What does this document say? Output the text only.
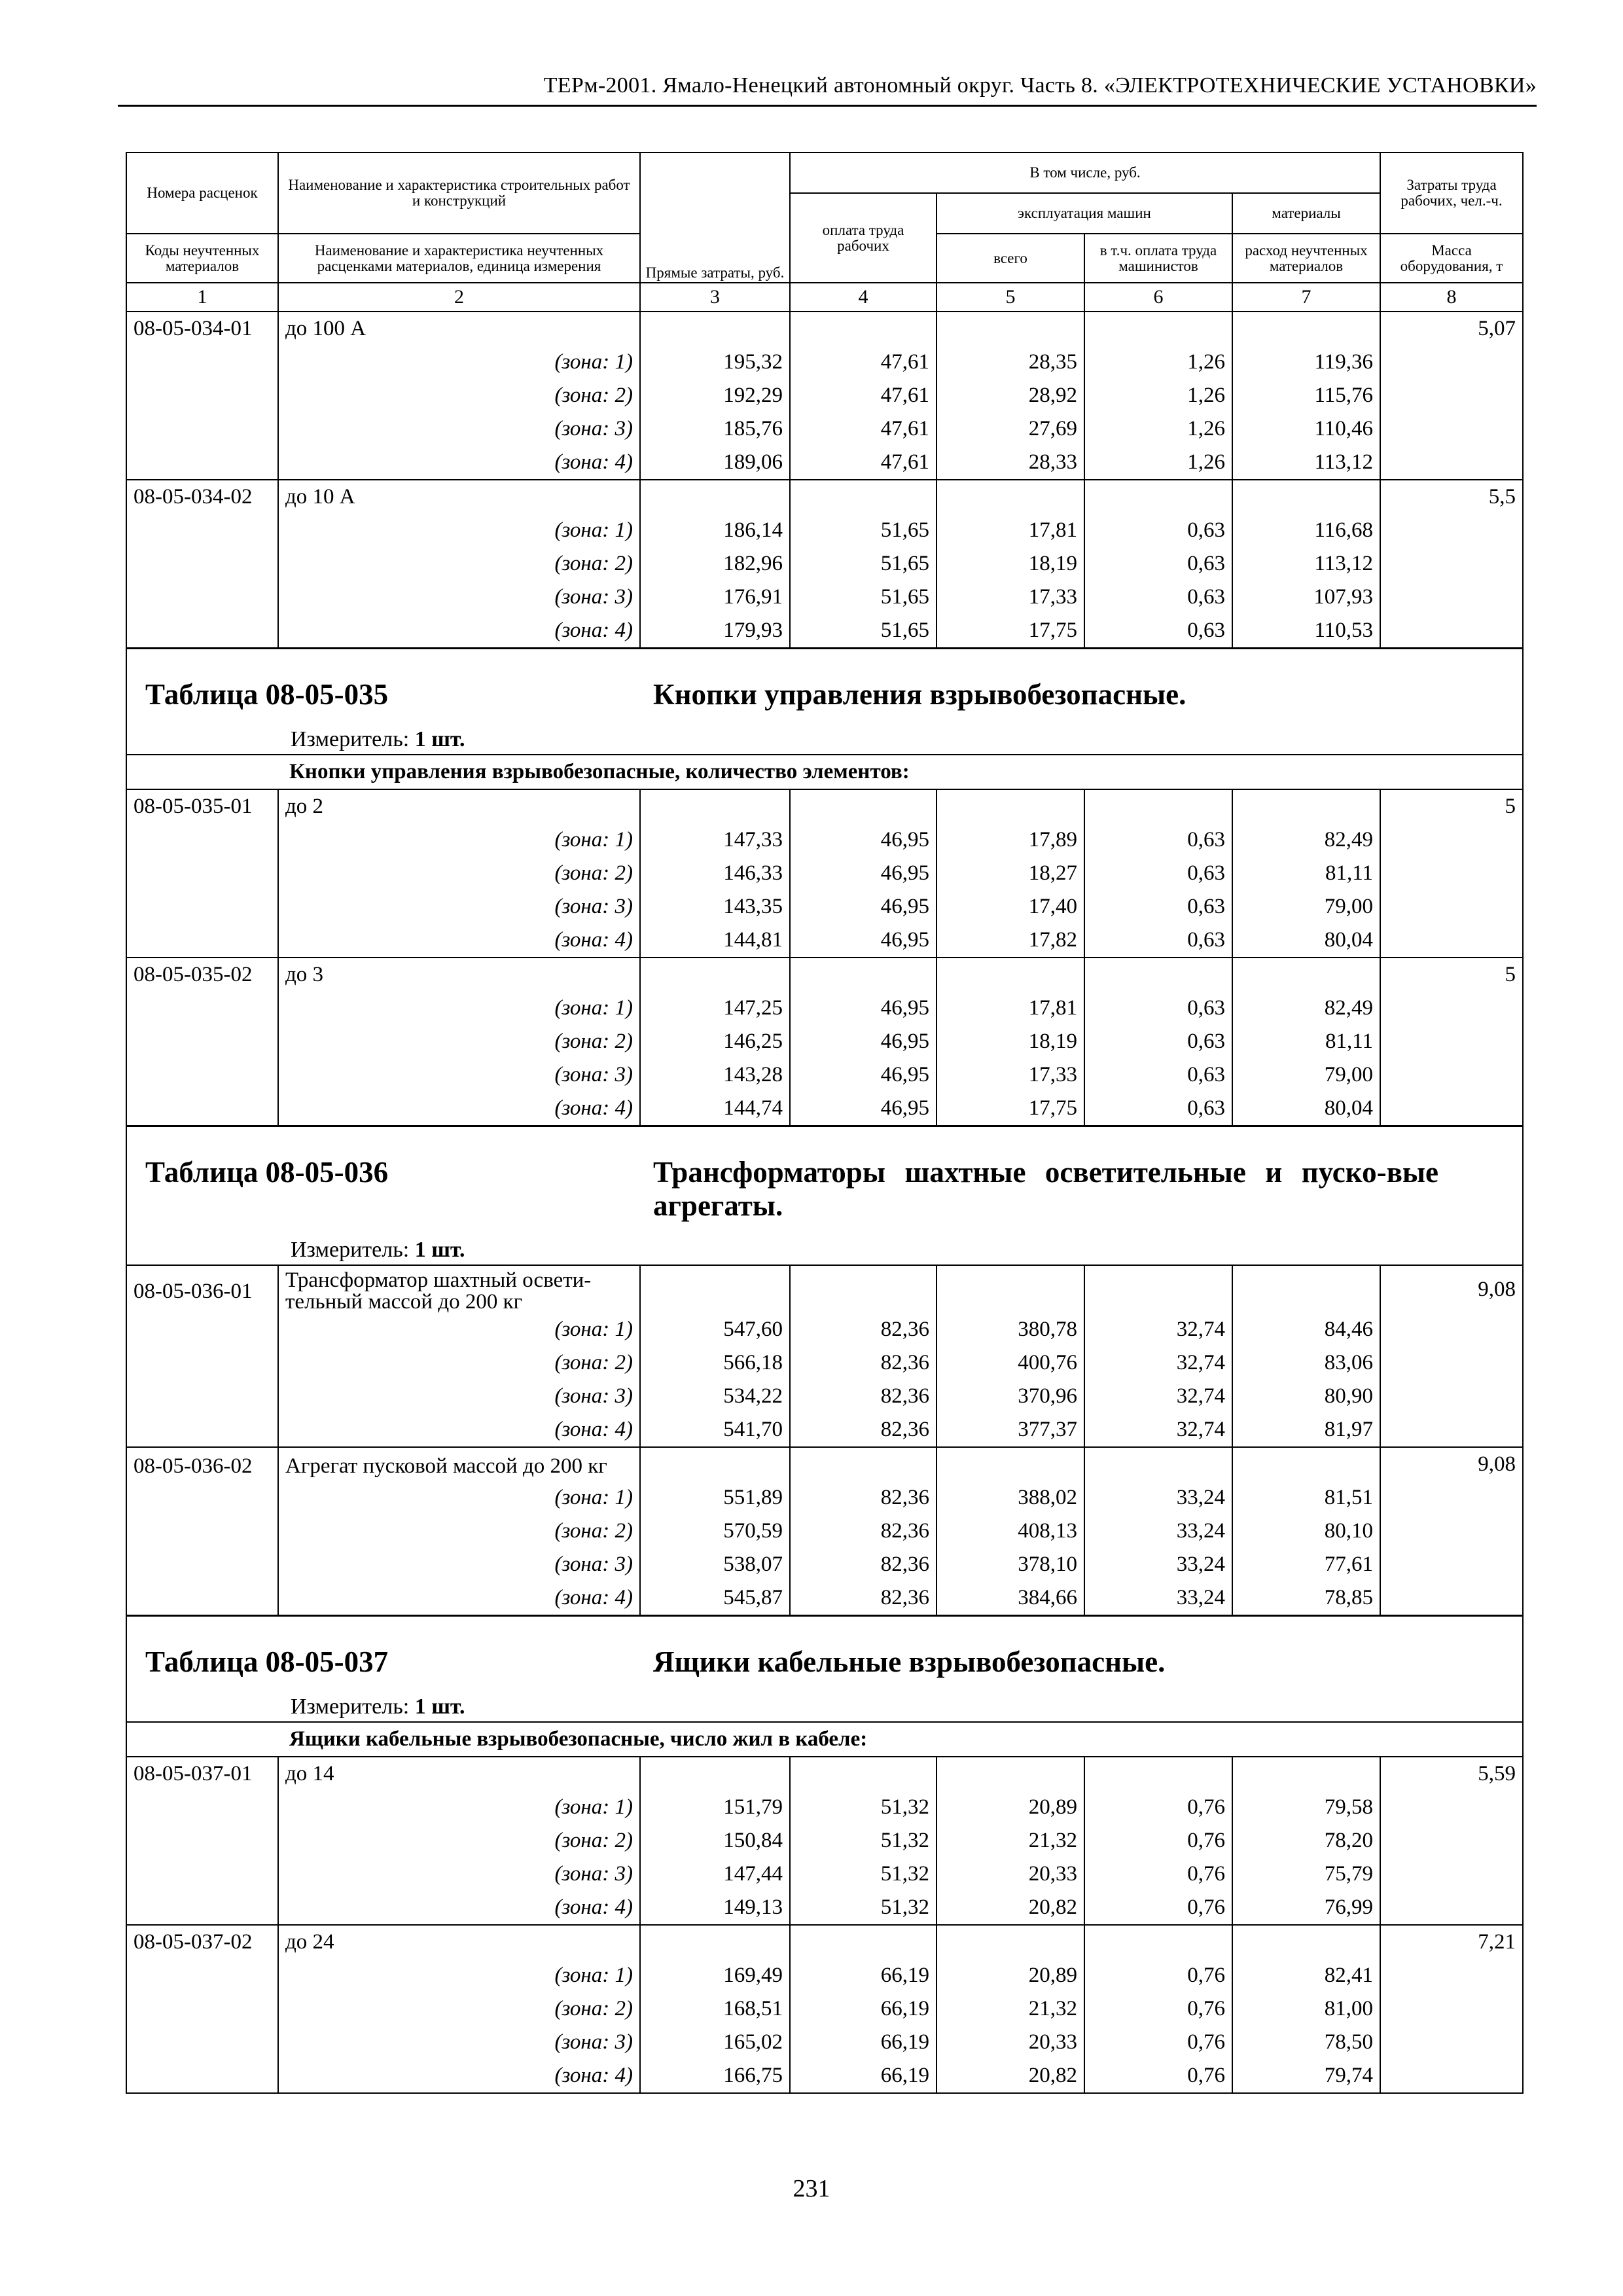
ТЕРм-2001. Ямало-Ненецкий автономный округ. Часть 8. «ЭЛЕКТРОТЕХНИЧЕСКИЕ УСТАНОВКИ»
Номера расценок	Наименование и характеристика строительных работ и конструкций	Прямые затраты, руб.	В том числе, руб.				Затраты труда рабочих, чел.-ч.
			оплата труда рабочих	эксплуатация машин		материалы	
Коды неучтенных материалов	Наименование и характеристика неучтенных расценками материалов, единица измерения			всего	в т.ч. оплата труда машинистов	расход неучтенных материалов	Масса оборудования, т
1	2	3	4	5	6	7	8
08-05-034-01	до 100 А						5,07
	(зона: 1)	195,32	47,61	28,35	1,26	119,36	
	(зона: 2)	192,29	47,61	28,92	1,26	115,76	
	(зона: 3)	185,76	47,61	27,69	1,26	110,46	
	(зона: 4)	189,06	47,61	28,33	1,26	113,12	
08-05-034-02	до 10 А						5,5
	(зона: 1)	186,14	51,65	17,81	0,63	116,68	
	(зона: 2)	182,96	51,65	18,19	0,63	113,12	
	(зона: 3)	176,91	51,65	17,33	0,63	107,93	
	(зона: 4)	179,93	51,65	17,75	0,63	110,53	

Таблица 08-05-035 Кнопки управления взрывобезопасные.
Измеритель: 1 шт.							

Кнопки управления взрывобезопасные, количество элементов:							
08-05-035-01	до 2						5
	(зона: 1)	147,33	46,95	17,89	0,63	82,49	
	(зона: 2)	146,33	46,95	18,27	0,63	81,11	
	(зона: 3)	143,35	46,95	17,40	0,63	79,00	
	(зона: 4)	144,81	46,95	17,82	0,63	80,04	
08-05-035-02	до 3						5
	(зона: 1)	147,25	46,95	17,81	0,63	82,49	
	(зона: 2)	146,25	46,95	18,19	0,63	81,11	
	(зона: 3)	143,28	46,95	17,33	0,63	79,00	
	(зона: 4)	144,74	46,95	17,75	0,63	80,04	

Таблица 08-05-036 Трансформаторы шахтные осветительные и пуско-вые агрегаты.
Измеритель: 1 шт.							

08-05-036-01	Трансформатор шахтный освети-тельный массой до 200 кг						9,08
	(зона: 1)	547,60	82,36	380,78	32,74	84,46	
	(зона: 2)	566,18	82,36	400,76	32,74	83,06	
	(зона: 3)	534,22	82,36	370,96	32,74	80,90	
	(зона: 4)	541,70	82,36	377,37	32,74	81,97	
08-05-036-02	Агрегат пусковой массой до 200 кг						9,08
	(зона: 1)	551,89	82,36	388,02	33,24	81,51	
	(зона: 2)	570,59	82,36	408,13	33,24	80,10	
	(зона: 3)	538,07	82,36	378,10	33,24	77,61	
	(зона: 4)	545,87	82,36	384,66	33,24	78,85	

Таблица 08-05-037 Ящики кабельные взрывобезопасные.
Измеритель: 1 шт.							

Ящики кабельные взрывобезопасные, число жил в кабеле:							
08-05-037-01	до 14						5,59
	(зона: 1)	151,79	51,32	20,89	0,76	79,58	
	(зона: 2)	150,84	51,32	21,32	0,76	78,20	
	(зона: 3)	147,44	51,32	20,33	0,76	75,79	
	(зона: 4)	149,13	51,32	20,82	0,76	76,99	
08-05-037-02	до 24						7,21
	(зона: 1)	169,49	66,19	20,89	0,76	82,41	
	(зона: 2)	168,51	66,19	21,32	0,76	81,00	
	(зона: 3)	165,02	66,19	20,33	0,76	78,50	
	(зона: 4)	166,75	66,19	20,82	0,76	79,74	
231
